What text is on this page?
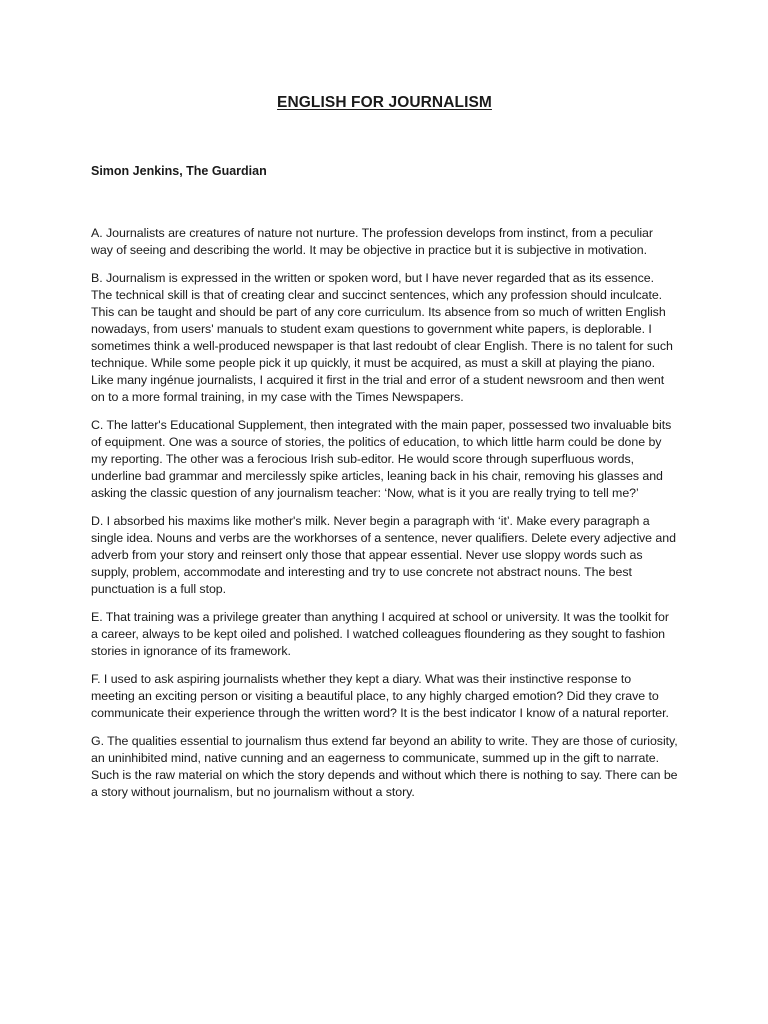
ENGLISH FOR JOURNALISM
Simon Jenkins, The Guardian

A. Journalists are creatures of nature not nurture. The profession develops from instinct, from a peculiar way of seeing and describing the world. It may be objective in practice but it is subjective in motivation.

B. Journalism is expressed in the written or spoken word, but I have never regarded that as its essence. The technical skill is that of creating clear and succinct sentences, which any profession should inculcate. This can be taught and should be part of any core curriculum. Its absence from so much of written English nowadays, from users' manuals to student exam questions to government white papers, is deplorable. I sometimes think a well-produced newspaper is that last redoubt of clear English. There is no talent for such technique. While some people pick it up quickly, it must be acquired, as must a skill at playing the piano. Like many ingénue journalists, I acquired it first in the trial and error of a student newsroom and then went on to a more formal training, in my case with the Times Newspapers.

C. The latter's Educational Supplement, then integrated with the main paper, possessed two invaluable bits of equipment. One was a source of stories, the politics of education, to which little harm could be done by my reporting. The other was a ferocious Irish sub-editor. He would score through superfluous words, underline bad grammar and mercilessly spike articles, leaning back in his chair, removing his glasses and asking the classic question of any journalism teacher: ‘Now, what is it you are really trying to tell me?’

D. I absorbed his maxims like mother's milk. Never begin a paragraph with ‘it’. Make every paragraph a single idea. Nouns and verbs are the workhorses of a sentence, never qualifiers. Delete every adjective and adverb from your story and reinsert only those that appear essential. Never use sloppy words such as supply, problem, accommodate and interesting and try to use concrete not abstract nouns. The best punctuation is a full stop.

E. That training was a privilege greater than anything I acquired at school or university. It was the toolkit for a career, always to be kept oiled and polished. I watched colleagues floundering as they sought to fashion stories in ignorance of its framework.

F. I used to ask aspiring journalists whether they kept a diary. What was their instinctive response to meeting an exciting person or visiting a beautiful place, to any highly charged emotion? Did they crave to communicate their experience through the written word? It is the best indicator I know of a natural reporter.

G. The qualities essential to journalism thus extend far beyond an ability to write. They are those of curiosity, an uninhibited mind, native cunning and an eagerness to communicate, summed up in the gift to narrate. Such is the raw material on which the story depends and without which there is nothing to say. There can be a story without journalism, but no journalism without a story.
